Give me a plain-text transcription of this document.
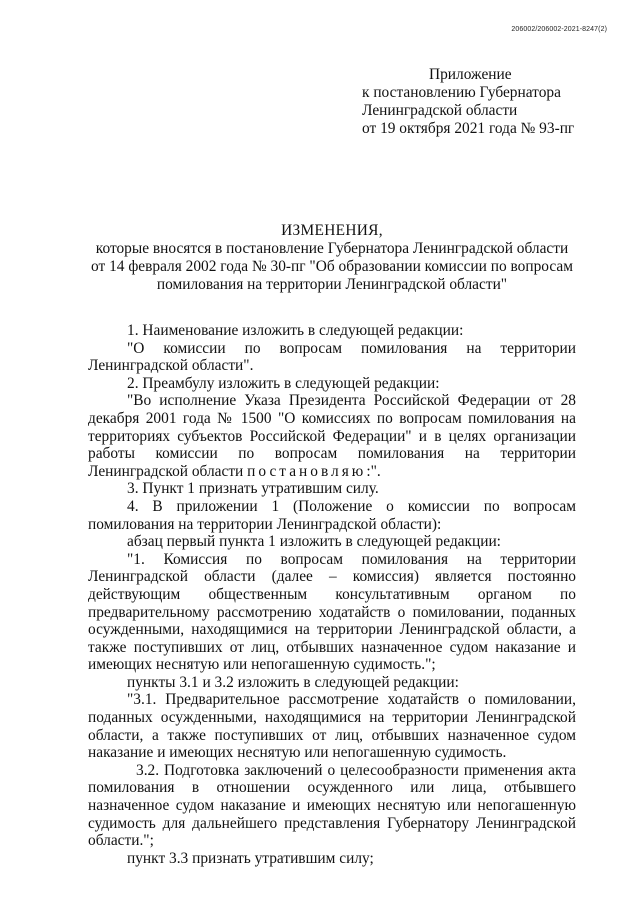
206002/206002-2021-8247(2)
Приложение
к постановлению Губернатора
Ленинградской области
от 19 октября 2021 года № 93-пг
ИЗМЕНЕНИЯ,
которые вносятся в постановление Губернатора Ленинградской области
от 14 февраля 2002 года № 30-пг "Об образовании комиссии по вопросам
помилования на территории Ленинградской области"

1. Наименование изложить в следующей редакции:

"О комиссии по вопросам помилования на территории Ленинградской области".

2. Преамбулу изложить в следующей редакции:

"Во исполнение Указа Президента Российской Федерации от 28 декабря 2001 года № 1500 "О комиссиях по вопросам помилования на территориях субъектов Российской Федерации" и в целях организации работы комиссии по вопросам помилования на территории Ленинградской области постановляю:".

3. Пункт 1 признать утратившим силу.

4. В приложении 1 (Положение о комиссии по вопросам помилования на территории Ленинградской области):

абзац первый пункта 1 изложить в следующей редакции:

"1. Комиссия по вопросам помилования на территории Ленинградской области (далее – комиссия) является постоянно действующим общественным консультативным органом по предварительному рассмотрению ходатайств о помиловании, поданных осужденными, находящимися на территории Ленинградской области, а также поступивших от лиц, отбывших назначенное судом наказание и имеющих неснятую или непогашенную судимость.";

пункты 3.1 и 3.2 изложить в следующей редакции:

"3.1. Предварительное рассмотрение ходатайств о помиловании, поданных осужденными, находящимися на территории Ленинградской области, а также поступивших от лиц, отбывших назначенное судом наказание и имеющих неснятую или непогашенную судимость.

3.2. Подготовка заключений о целесообразности применения акта помилования в отношении осужденного или лица, отбывшего назначенное судом наказание и имеющих неснятую или непогашенную судимость для дальнейшего представления Губернатору Ленинградской области.";

пункт 3.3 признать утратившим силу;
